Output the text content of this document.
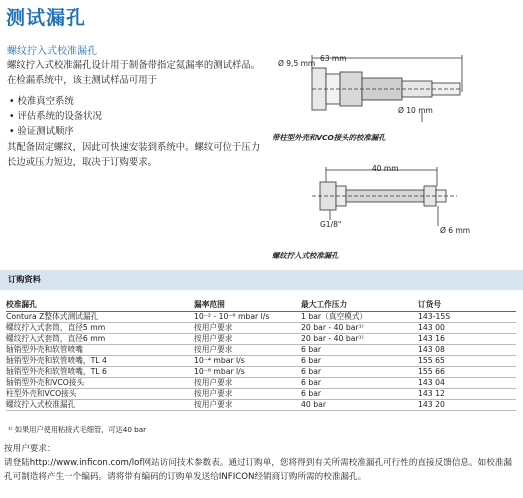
测试漏孔
螺纹拧入式校准漏孔
螺纹拧入式校准漏孔设计用于制备带指定氦漏率的测试样品。在检漏系统中，该主测试样品可用于
• 校准真空系统
• 评估系统的设备状况
• 验证测试顺序
其配备固定螺纹，因此可快速安装到系统中。螺纹可位于压力长边或压力短边，取决于订购要求。
63 mm
Ø 9,5 mm
Ø 10 mm
带柱型外壳和VCO接头的校准漏孔
40 mm
G1/8"
Ø 6 mm
螺纹拧入式校准漏孔
订购资料
校准漏孔	漏率范围	最大工作压力	订货号
Contura Z整体式测试漏孔	10⁻² - 10⁻⁶ mbar l/s	1 bar（真空模式）	143-15S
螺纹拧入式套筒，直径5 mm	按用户要求	20 bar - 40 bar¹⁾	143 00
螺纹拧入式套筒，直径6 mm	按用户要求	20 bar - 40 bar¹⁾	143 16
轴销型外壳和软管喷嘴	按用户要求	6 bar	143 08
轴销型外壳和软管喷嘴，TL 4	10⁻⁴ mbar l/s	6 bar	155 65
轴销型外壳和软管喷嘴，TL 6	10⁻⁶ mbar l/s	6 bar	155 66
轴销型外壳和VCO接头	按用户要求	6 bar	143 04
柱型外壳和VCO接头	按用户要求	6 bar	143 12
螺纹拧入式校准漏孔	按用户要求	40 bar	143 20
¹⁾ 如果用户使用粘接式毛细管，可达40 bar
按用户要求：
请登陆http://www.inficon.com/lof网站访问技术参数表。通过订购单，您将得到有关所需校准漏孔可行性的直接反馈信息。如校准漏孔可制造将产生一个编码。请将带有编码的订购单发送给INFICON经销商订购所需的校准漏孔。
